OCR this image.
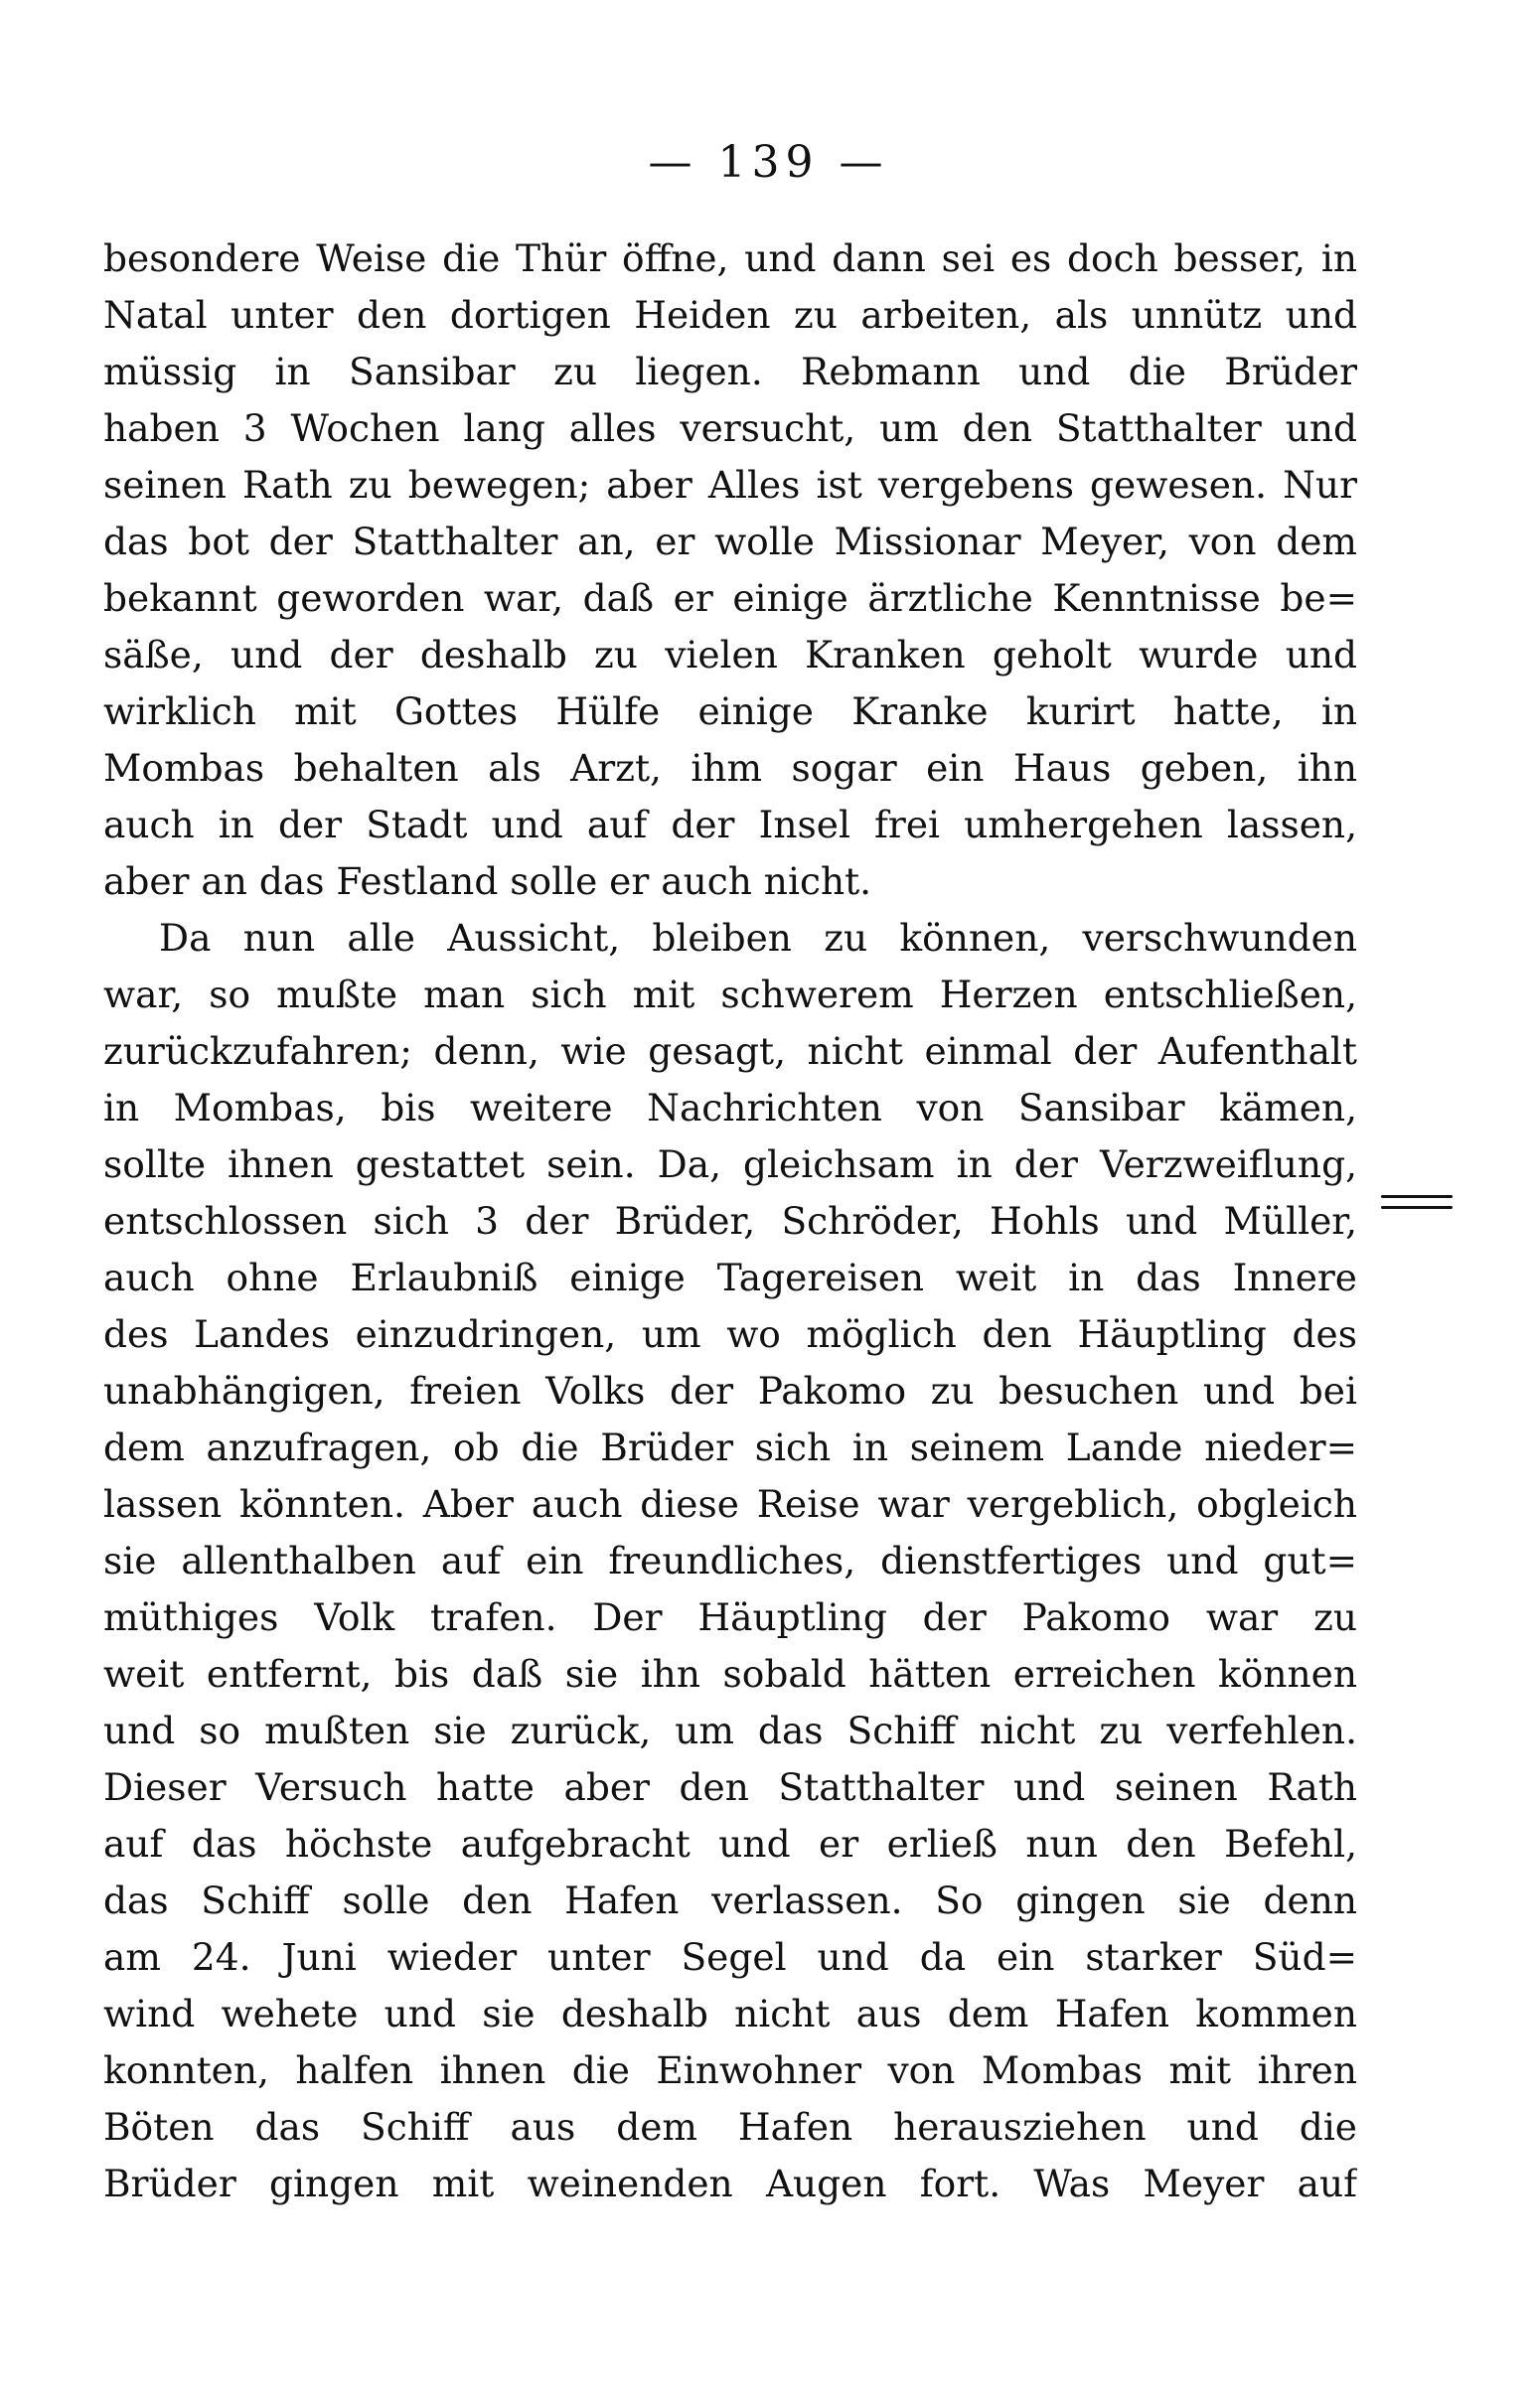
— 139 —
besondere Weise die Thür öffne, und dann sei es doch besser, in
Natal unter den dortigen Heiden zu arbeiten, als unnütz und
müssig in Sansibar zu liegen. Rebmann und die Brüder
haben 3 Wochen lang alles versucht, um den Statthalter und
seinen Rath zu bewegen; aber Alles ist vergebens gewesen. Nur
das bot der Statthalter an, er wolle Missionar Meyer, von dem
bekannt geworden war, daß er einige ärztliche Kenntnisse be=
säße, und der deshalb zu vielen Kranken geholt wurde und
wirklich mit Gottes Hülfe einige Kranke kurirt hatte, in
Mombas behalten als Arzt, ihm sogar ein Haus geben, ihn
auch in der Stadt und auf der Insel frei umhergehen lassen,
aber an das Festland solle er auch nicht.
Da nun alle Aussicht, bleiben zu können, verschwunden
war, so mußte man sich mit schwerem Herzen entschließen,
zurückzufahren; denn, wie gesagt, nicht einmal der Aufenthalt
in Mombas, bis weitere Nachrichten von Sansibar kämen,
sollte ihnen gestattet sein. Da, gleichsam in der Verzweiflung,
entschlossen sich 3 der Brüder, Schröder, Hohls und Müller,
auch ohne Erlaubniß einige Tagereisen weit in das Innere
des Landes einzudringen, um wo möglich den Häuptling des
unabhängigen, freien Volks der Pakomo zu besuchen und bei
dem anzufragen, ob die Brüder sich in seinem Lande nieder=
lassen könnten. Aber auch diese Reise war vergeblich, obgleich
sie allenthalben auf ein freundliches, dienstfertiges und gut=
müthiges Volk trafen. Der Häuptling der Pakomo war zu
weit entfernt, bis daß sie ihn sobald hätten erreichen können
und so mußten sie zurück, um das Schiff nicht zu verfehlen.
Dieser Versuch hatte aber den Statthalter und seinen Rath
auf das höchste aufgebracht und er erließ nun den Befehl,
das Schiff solle den Hafen verlassen. So gingen sie denn
am 24. Juni wieder unter Segel und da ein starker Süd=
wind wehete und sie deshalb nicht aus dem Hafen kommen
konnten, halfen ihnen die Einwohner von Mombas mit ihren
Böten das Schiff aus dem Hafen herausziehen und die
Brüder gingen mit weinenden Augen fort. Was Meyer auf
